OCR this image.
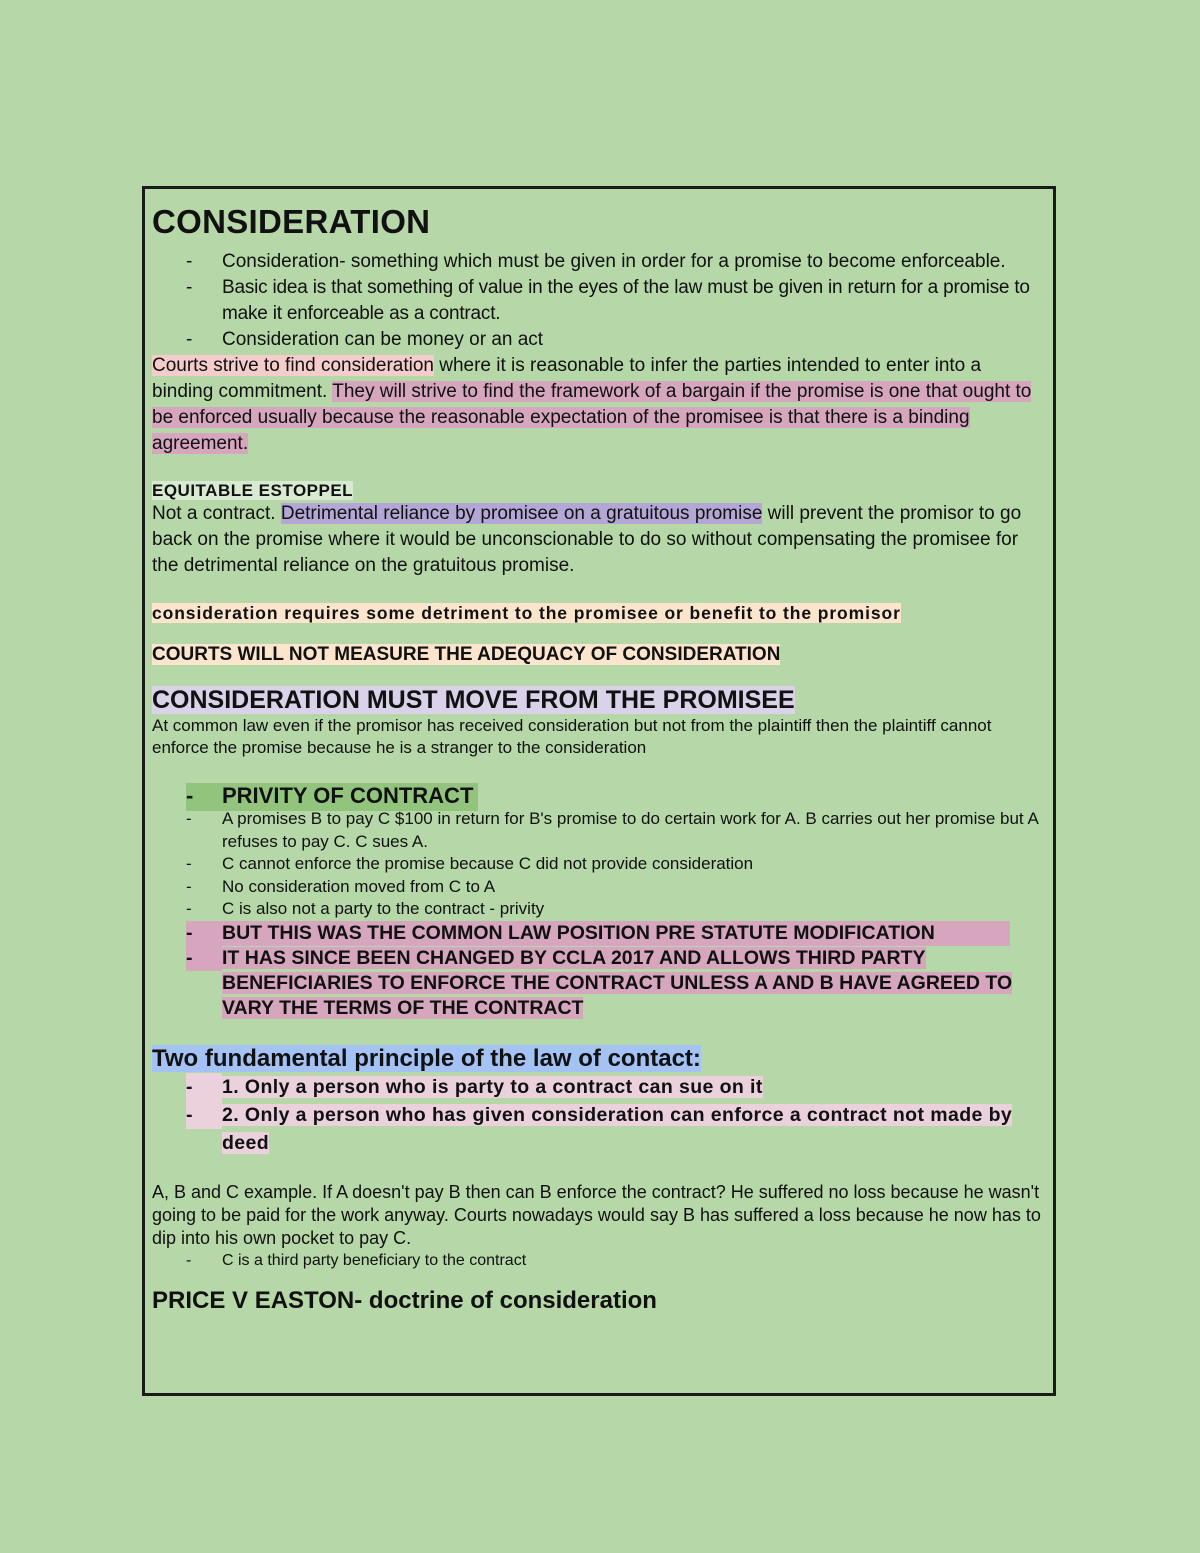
CONSIDERATION
- Consideration- something which must be given in order for a promise to become enforceable.
- Basic idea is that something of value in the eyes of the law must be given in return for a promise to make it enforceable as a contract.
- Consideration can be money or an act

Courts strive to find consideration where it is reasonable to infer the parties intended to enter into a binding commitment. They will strive to find the framework of a bargain if the promise is one that ought to be enforced usually because the reasonable expectation of the promisee is that there is a binding agreement.

EQUITABLE ESTOPPEL

Not a contract. Detrimental reliance by promisee on a gratuitous promise will prevent the promisor to go back on the promise where it would be unconscionable to do so without compensating the promisee for the detrimental reliance on the gratuitous promise.

consideration requires some detriment to the promisee or benefit to the promisor
COURTS WILL NOT MEASURE THE ADEQUACY OF CONSIDERATION
CONSIDERATION MUST MOVE FROM THE PROMISEE

At common law even if the promisor has received consideration but not from the plaintiff then the plaintiff cannot enforce the promise because he is a stranger to the consideration

- PRIVITY OF CONTRACT
- A promises B to pay C $100 in return for B's promise to do certain work for A. B carries out her promise but A refuses to pay C. C sues A.
- C cannot enforce the promise because C did not provide consideration
- No consideration moved from C to A
- C is also not a party to the contract - privity
- BUT THIS WAS THE COMMON LAW POSITION PRE STATUTE MODIFICATION
- IT HAS SINCE BEEN CHANGED BY CCLA 2017 AND ALLOWS THIRD PARTY BENEFICIARIES TO ENFORCE THE CONTRACT UNLESS A AND B HAVE AGREED TO VARY THE TERMS OF THE CONTRACT
Two fundamental principle of the law of contact:
- 1. Only a person who is party to a contract can sue on it
- 2. Only a person who has given consideration can enforce a contract not made by deed

A, B and C example. If A doesn't pay B then can B enforce the contract? He suffered no loss because he wasn't going to be paid for the work anyway. Courts nowadays would say B has suffered a loss because he now has to dip into his own pocket to pay C.

- C is a third party beneficiary to the contract
PRICE V EASTON- doctrine of consideration
